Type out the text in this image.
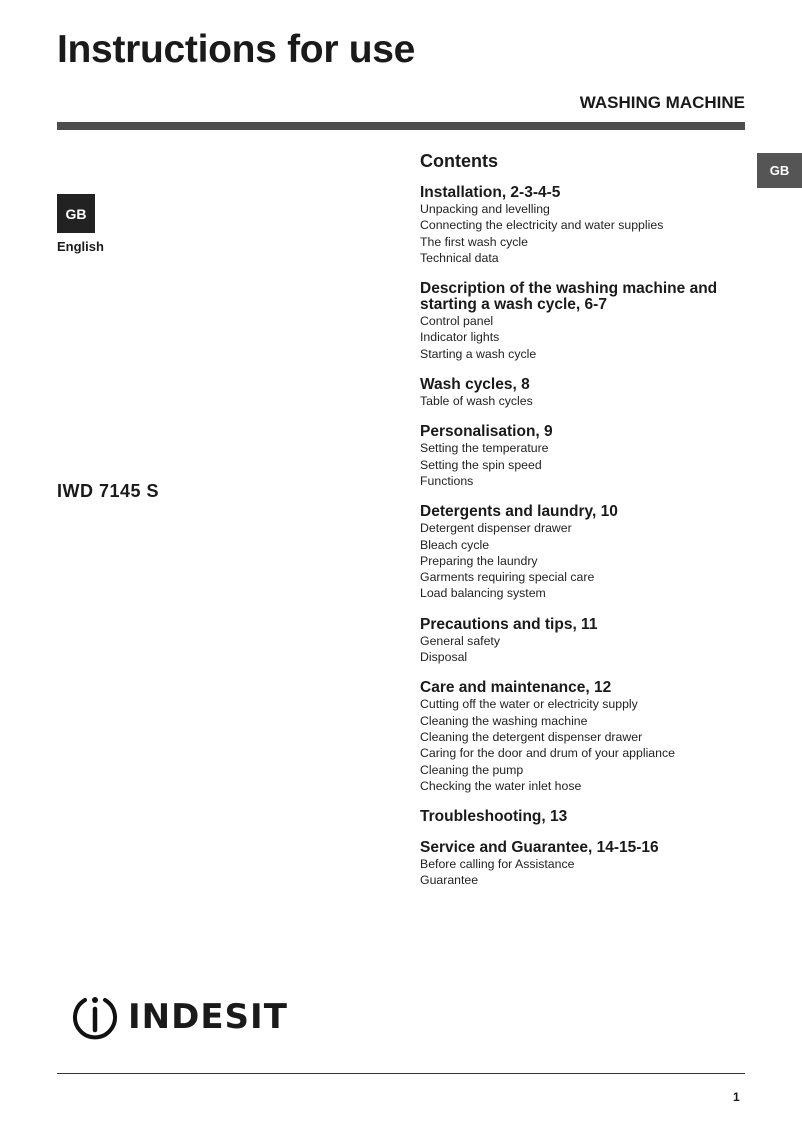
Instructions for use
WASHING MACHINE
GB
GB
English
IWD 7145 S
Contents
Installation, 2-3-4-5
Unpacking and levelling
Connecting the electricity and water supplies
The first wash cycle
Technical data
Description of the washing machine and starting a wash cycle, 6-7
Control panel
Indicator lights
Starting a wash cycle
Wash cycles, 8
Table of wash cycles
Personalisation, 9
Setting the temperature
Setting the spin speed
Functions
Detergents and laundry, 10
Detergent dispenser drawer
Bleach cycle
Preparing the laundry
Garments requiring special care
Load balancing system
Precautions and tips, 11
General safety
Disposal
Care and maintenance, 12
Cutting off the water or electricity supply
Cleaning the washing machine
Cleaning the detergent dispenser drawer
Caring for the door and drum of your appliance
Cleaning the pump
Checking the water inlet hose
Troubleshooting, 13
Service and Guarantee, 14-15-16
Before calling for Assistance
Guarantee
INDESIT
1
